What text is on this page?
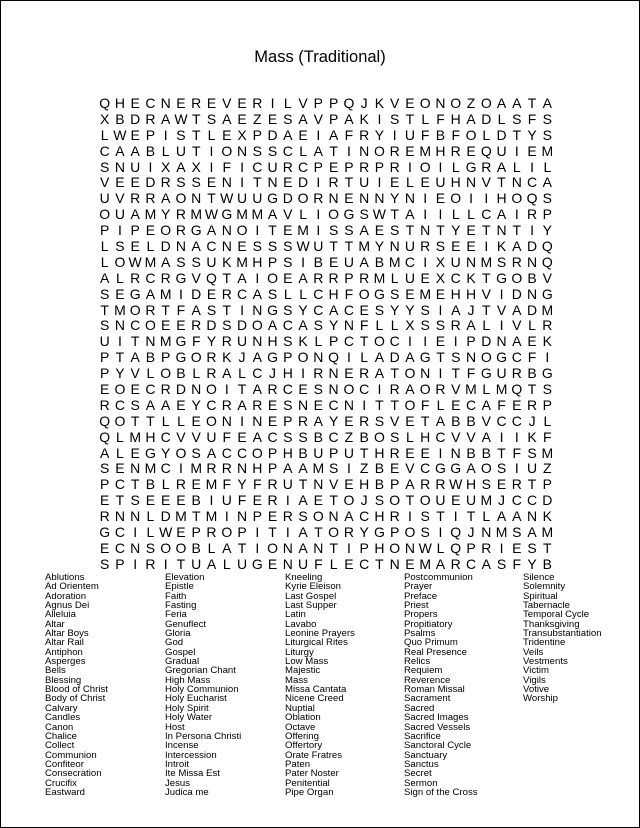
Mass (Traditional)
Q H E C N E R E V E R I L V P P Q J K V E O N O Z O A A T A
X B D R A W T S A E Z E S A V P A K I S T L F H A D L S F S
L W E P I S T L E X P D A E I A F R Y I U F B F O L D T Y S
C A A B L U T I O N S S C L A T I N O R E M H R E Q U I E M
S N U I X A X I F I C U R C P E P R P R I O I L G R A L I L
V E E D R S S E N I T N E D I R T U I E L E U H N V T N C A
U V R R A O N T W U U G D O R N E N N Y N I E O I I H O Q S
O U A M Y R M W G M M A V L I O G S W T A I I L L C A I R P
P I P E O R G A N O I T E M I S S A E S T N T Y E T N T I Y
L S E L D N A C N E S S S W U T T M Y N U R S E E I K A D Q
L O W M A S S U K M H P S I B E U A B M C I X U N M S R N Q
A L R C R G V Q T A I O E A R R P R M L U E X C K T G O B V
S E G A M I D E R C A S L L C H F O G S E M E H H V I D N G
T M O R T F A S T I N G S Y C A C E S Y Y S I A J T V A D M
S N C O E E R D S D O A C A S Y N F L L X S S R A L I V L R
U I T N M G F Y R U N H S K L P C T O C I I E I P D N A E K
P T A B P G O R K J A G P O N Q I L A D A G T S N O G C F I
P Y V L O B L R A L C J H I R N E R A T O N I T F G U R B G
E O E C R D N O I T A R C E S N O C I R A O R V M L M Q T S
R C S A A E Y C R A R E S N E C N I T T O F L E C A F E R P
Q O T T L L E O N I N E P R A Y E R S V E T A B B V C C J L
Q L M H C V V U F E A C S S B C Z B O S L H C V V A I I K F
A L E G Y O S A C C O P H B U P U T H R E E I N B B T F S M
S E N M C I M R R N H P A A M S I Z B E V C G G A O S I U Z
P C T B L R E M F Y F R U T N V E H B P A R R W H S E R T P
E T S E E E B I U F E R I A E T O J S O T O U E U M J C C D
R N N L D M T M I N P E R S O N A C H R I S T I T L A A N K
G C I L W E P R O P I T I A T O R Y G P O S I Q J N M S A M
E C N S O O B L A T I O N A N T I P H O N W L Q P R I E S T
S P I R I T U A L U G E N U F L E C T N E M A R C A S F Y B
Ablutions
Ad Orientem
Adoration
Agnus Dei
Alleluia
Altar
Altar Boys
Altar Rail
Antiphon
Asperges
Bells
Blessing
Blood of Christ
Body of Christ
Calvary
Candles
Canon
Chalice
Collect
Communion
Confiteor
Consecration
Crucifix
Eastward
Elevation
Epistle
Faith
Fasting
Feria
Genuflect
Gloria
God
Gospel
Gradual
Gregorian Chant
High Mass
Holy Communion
Holy Eucharist
Holy Spirit
Holy Water
Host
In Persona Christi
Incense
Intercession
Introit
Ite Missa Est
Jesus
Judica me
Kneeling
Kyrie Eleison
Last Gospel
Last Supper
Latin
Lavabo
Leonine Prayers
Liturgical Rites
Liturgy
Low Mass
Majestic
Mass
Missa Cantata
Nicene Creed
Nuptial
Oblation
Octave
Offering
Offertory
Orate Fratres
Paten
Pater Noster
Penitential
Pipe Organ
Postcommunion
Prayer
Preface
Priest
Propers
Propitiatory
Psalms
Quo Primum
Real Presence
Relics
Requiem
Reverence
Roman Missal
Sacrament
Sacred
Sacred Images
Sacred Vessels
Sacrifice
Sanctoral Cycle
Sanctuary
Sanctus
Secret
Sermon
Sign of the Cross
Silence
Solemnity
Spiritual
Tabernacle
Temporal Cycle
Thanksgiving
Transubstantiation
Tridentine
Veils
Vestments
Victim
Vigils
Votive
Worship
